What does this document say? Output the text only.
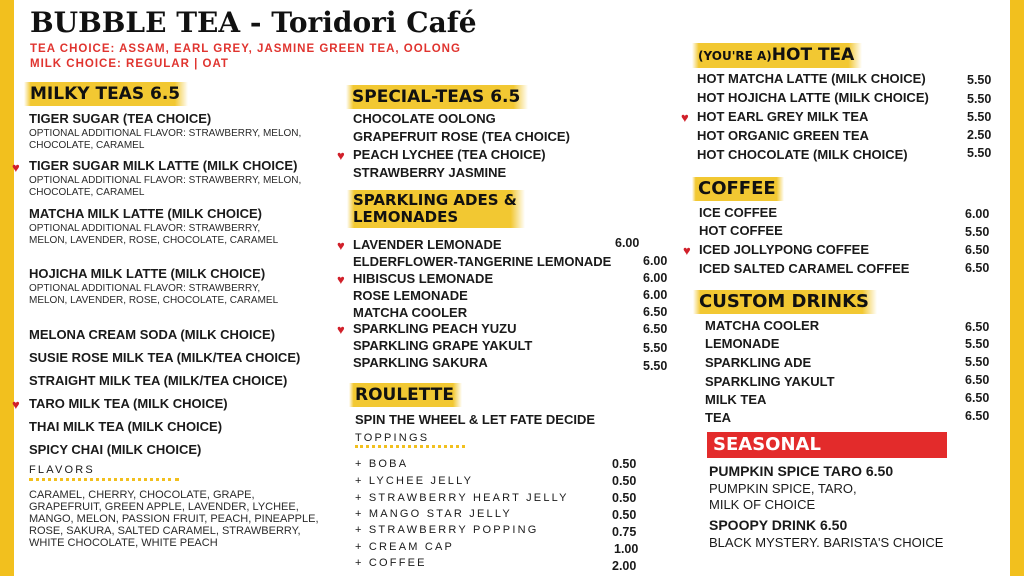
BUBBLE TEA - Toridori Café
TEA CHOICE: ASSAM, EARL GREY, JASMINE GREEN TEA, OOLONG
MILK CHOICE: REGULAR | OAT
MILKY TEAS 6.5
TIGER SUGAR (TEA CHOICE)
OPTIONAL ADDITIONAL FLAVOR: STRAWBERRY, MELON, CHOCOLATE, CARAMEL
♥ TIGER SUGAR MILK LATTE (MILK CHOICE)
OPTIONAL ADDITIONAL FLAVOR: STRAWBERRY, MELON, CHOCOLATE, CARAMEL
MATCHA MILK LATTE (MILK CHOICE)
OPTIONAL ADDITIONAL FLAVOR: STRAWBERRY, MELON, LAVENDER, ROSE, CHOCOLATE, CARAMEL
HOJICHA MILK LATTE (MILK CHOICE)
OPTIONAL ADDITIONAL FLAVOR: STRAWBERRY, MELON, LAVENDER, ROSE, CHOCOLATE, CARAMEL
MELONA CREAM SODA (MILK CHOICE)
SUSIE ROSE MILK TEA (MILK/TEA CHOICE)
STRAIGHT MILK TEA (MILK/TEA CHOICE)
♥ TARO MILK TEA (MILK CHOICE)
THAI MILK TEA (MILK CHOICE)
SPICY CHAI (MILK CHOICE)
FLAVORS
CARAMEL, CHERRY, CHOCOLATE, GRAPE, GRAPEFRUIT, GREEN APPLE, LAVENDER, LYCHEE, MANGO, MELON, PASSION FRUIT, PEACH, PINEAPPLE, ROSE, SAKURA, SALTED CARAMEL, STRAWBERRY, WHITE CHOCOLATE, WHITE PEACH
SPECIAL-TEAS 6.5
CHOCOLATE OOLONG
GRAPEFRUIT ROSE (TEA CHOICE)
♥ PEACH LYCHEE (TEA CHOICE)
STRAWBERRY JASMINE
SPARKLING ADES &
LEMONADES
♥ LAVENDER LEMONADE	6.00
ELDERFLOWER-TANGERINE LEMONADE	6.00
♥ HIBISCUS LEMONADE	6.00
ROSE LEMONADE	6.00
MATCHA COOLER	6.50
♥ SPARKLING PEACH YUZU	6.50
SPARKLING GRAPE YAKULT	5.50
SPARKLING SAKURA	5.50
ROULETTE
SPIN THE WHEEL & LET FATE DECIDE
TOPPINGS
+ BOBA	0.50
+ LYCHEE JELLY	0.50
+ STRAWBERRY HEART JELLY	0.50
+ MANGO STAR JELLY	0.50
+ STRAWBERRY POPPING	0.75
+ CREAM CAP	1.00
+ COFFEE	2.00
(YOU'RE A)HOT TEA
HOT MATCHA LATTE (MILK CHOICE)	5.50
HOT HOJICHA LATTE (MILK CHOICE)	5.50
♥ HOT EARL GREY MILK TEA	5.50
HOT ORGANIC GREEN TEA	2.50
HOT CHOCOLATE (MILK CHOICE)	5.50
COFFEE
ICE COFFEE	6.00
HOT COFFEE	5.50
♥ ICED JOLLYPONG COFFEE	6.50
ICED SALTED CARAMEL COFFEE	6.50
CUSTOM DRINKS
MATCHA COOLER	6.50
LEMONADE	5.50
SPARKLING ADE	5.50
SPARKLING YAKULT	6.50
MILK TEA	6.50
TEA	6.50
SEASONAL
PUMPKIN SPICE TARO 6.50
PUMPKIN SPICE, TARO,
MILK OF CHOICE
SPOOPY DRINK 6.50
BLACK MYSTERY. BARISTA'S CHOICE
